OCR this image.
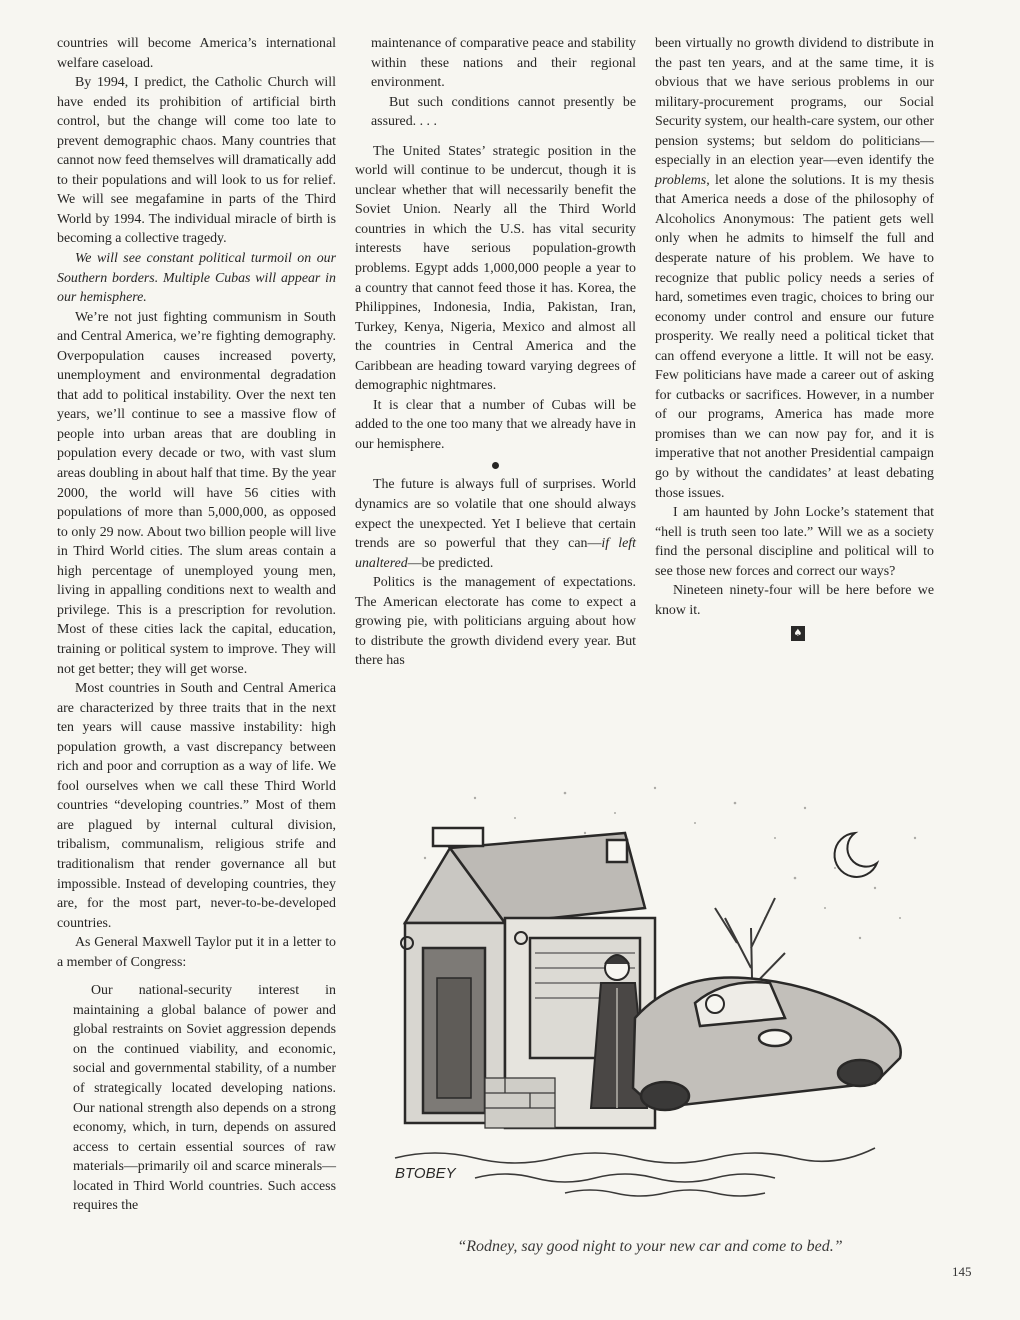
countries will become America’s international welfare caseload.

By 1994, I predict, the Catholic Church will have ended its prohibition of artificial birth control, but the change will come too late to prevent demographic chaos. Many countries that cannot now feed themselves will dramatically add to their populations and will look to us for relief. We will see megafamine in parts of the Third World by 1994. The individual miracle of birth is becoming a collective tragedy.

We will see constant political turmoil on our Southern borders. Multiple Cubas will appear in our hemisphere.

We’re not just fighting communism in South and Central America, we’re fighting demography. Overpopulation causes increased poverty, unemployment and environmental degradation that add to political instability. Over the next ten years, we’ll continue to see a massive flow of people into urban areas that are doubling in population every decade or two, with vast slum areas doubling in about half that time. By the year 2000, the world will have 56 cities with populations of more than 5,000,000, as opposed to only 29 now. About two billion people will live in Third World cities. The slum areas contain a high percentage of unemployed young men, living in appalling conditions next to wealth and privilege. This is a prescription for revolution. Most of these cities lack the capital, education, training or political system to improve. They will not get better; they will get worse.

Most countries in South and Central America are characterized by three traits that in the next ten years will cause massive instability: high population growth, a vast discrepancy between rich and poor and corruption as a way of life. We fool ourselves when we call these Third World countries “developing countries.” Most of them are plagued by internal cultural division, tribalism, communalism, religious strife and traditionalism that render governance all but impossible. Instead of developing countries, they are, for the most part, never-to-be-developed countries.

As General Maxwell Taylor put it in a letter to a member of Congress:

Our national-security interest in maintaining a global balance of power and global restraints on Soviet aggression depends on the continued viability, and economic, social and governmental stability, of a number of strategically located developing nations. Our national strength also depends on a strong economy, which, in turn, depends on assured access to certain essential sources of raw materials—primarily oil and scarce minerals—located in Third World countries. Such access requires the

maintenance of comparative peace and stability within these nations and their regional environment.

But such conditions cannot presently be assured. . . .

The United States’ strategic position in the world will continue to be undercut, though it is unclear whether that will necessarily benefit the Soviet Union. Nearly all the Third World countries in which the U.S. has vital security interests have serious population-growth problems. Egypt adds 1,000,000 people a year to a country that cannot feed those it has. Korea, the Philippines, Indonesia, India, Pakistan, Iran, Turkey, Kenya, Nigeria, Mexico and almost all the countries in Central America and the Caribbean are heading toward varying degrees of demographic nightmares.

It is clear that a number of Cubas will be added to the one too many that we already have in our hemisphere.

The future is always full of surprises. World dynamics are so volatile that one should always expect the unexpected. Yet I believe that certain trends are so powerful that they can—if left unaltered—be predicted.

Politics is the management of expectations. The American electorate has come to expect a growing pie, with politicians arguing about how to distribute the growth dividend every year. But there has

been virtually no growth dividend to distribute in the past ten years, and at the same time, it is obvious that we have serious problems in our military-procurement programs, our Social Security system, our health-care system, our other pension systems; but seldom do politicians—especially in an election year—even identify the problems, let alone the solutions. It is my thesis that America needs a dose of the philosophy of Alcoholics Anonymous: The patient gets well only when he admits to himself the full and desperate nature of his problem. We have to recognize that public policy needs a series of hard, sometimes even tragic, choices to bring our economy under control and ensure our future prosperity. We really need a political ticket that can offend everyone a little. It will not be easy. Few politicians have made a career out of asking for cutbacks or sacrifices. However, in a number of our programs, America has made more promises than we can now pay for, and it is imperative that not another Presidential campaign go by without the candidates’ at least debating those issues.

I am haunted by John Locke’s statement that “hell is truth seen too late.” Will we as a society find the personal discipline and political will to see those new forces and correct our ways?

Nineteen ninety-four will be here before we know it.

♠
BTOBEY
“Rodney, say good night to your new car and come to bed.”
145
